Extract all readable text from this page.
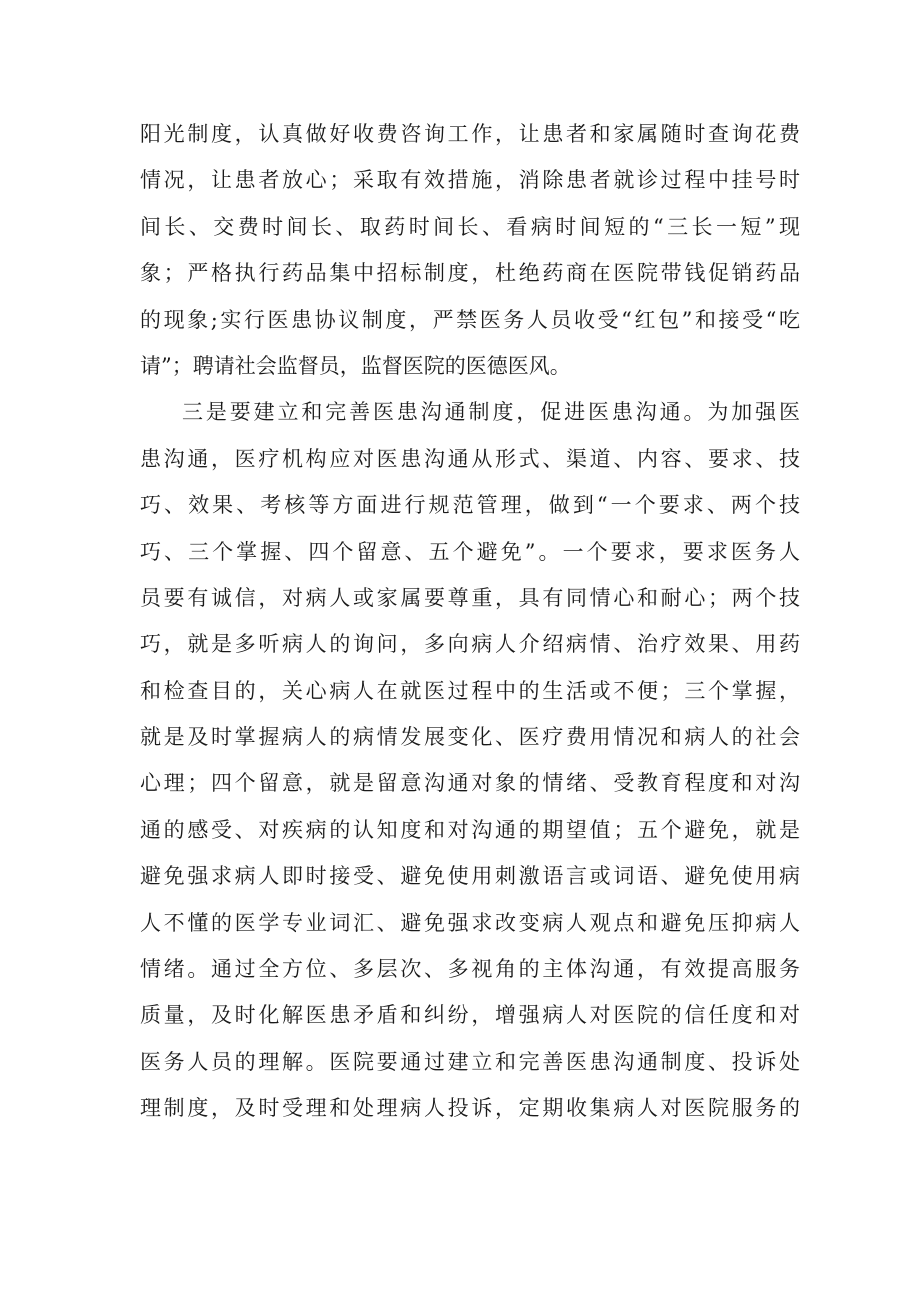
阳光制度，认真做好收费咨询工作，让患者和家属随时查询花费
情况，让患者放心；采取有效措施，消除患者就诊过程中挂号时
间长、交费时间长、取药时间长、看病时间短的“三长一短”现
象；严格执行药品集中招标制度，杜绝药商在医院带钱促销药品
的现象;实行医患协议制度，严禁医务人员收受“红包”和接受“吃
请”；聘请社会监督员，监督医院的医德医风。
三是要建立和完善医患沟通制度，促进医患沟通。为加强医
患沟通，医疗机构应对医患沟通从形式、渠道、内容、要求、技
巧、效果、考核等方面进行规范管理，做到“一个要求、两个技
巧、三个掌握、四个留意、五个避免”。一个要求，要求医务人
员要有诚信，对病人或家属要尊重，具有同情心和耐心；两个技
巧，就是多听病人的询问，多向病人介绍病情、治疗效果、用药
和检查目的，关心病人在就医过程中的生活或不便；三个掌握，
就是及时掌握病人的病情发展变化、医疗费用情况和病人的社会
心理；四个留意，就是留意沟通对象的情绪、受教育程度和对沟
通的感受、对疾病的认知度和对沟通的期望值；五个避免，就是
避免强求病人即时接受、避免使用刺激语言或词语、避免使用病
人不懂的医学专业词汇、避免强求改变病人观点和避免压抑病人
情绪。通过全方位、多层次、多视角的主体沟通，有效提高服务
质量，及时化解医患矛盾和纠纷，增强病人对医院的信任度和对
医务人员的理解。医院要通过建立和完善医患沟通制度、投诉处
理制度，及时受理和处理病人投诉，定期收集病人对医院服务的
